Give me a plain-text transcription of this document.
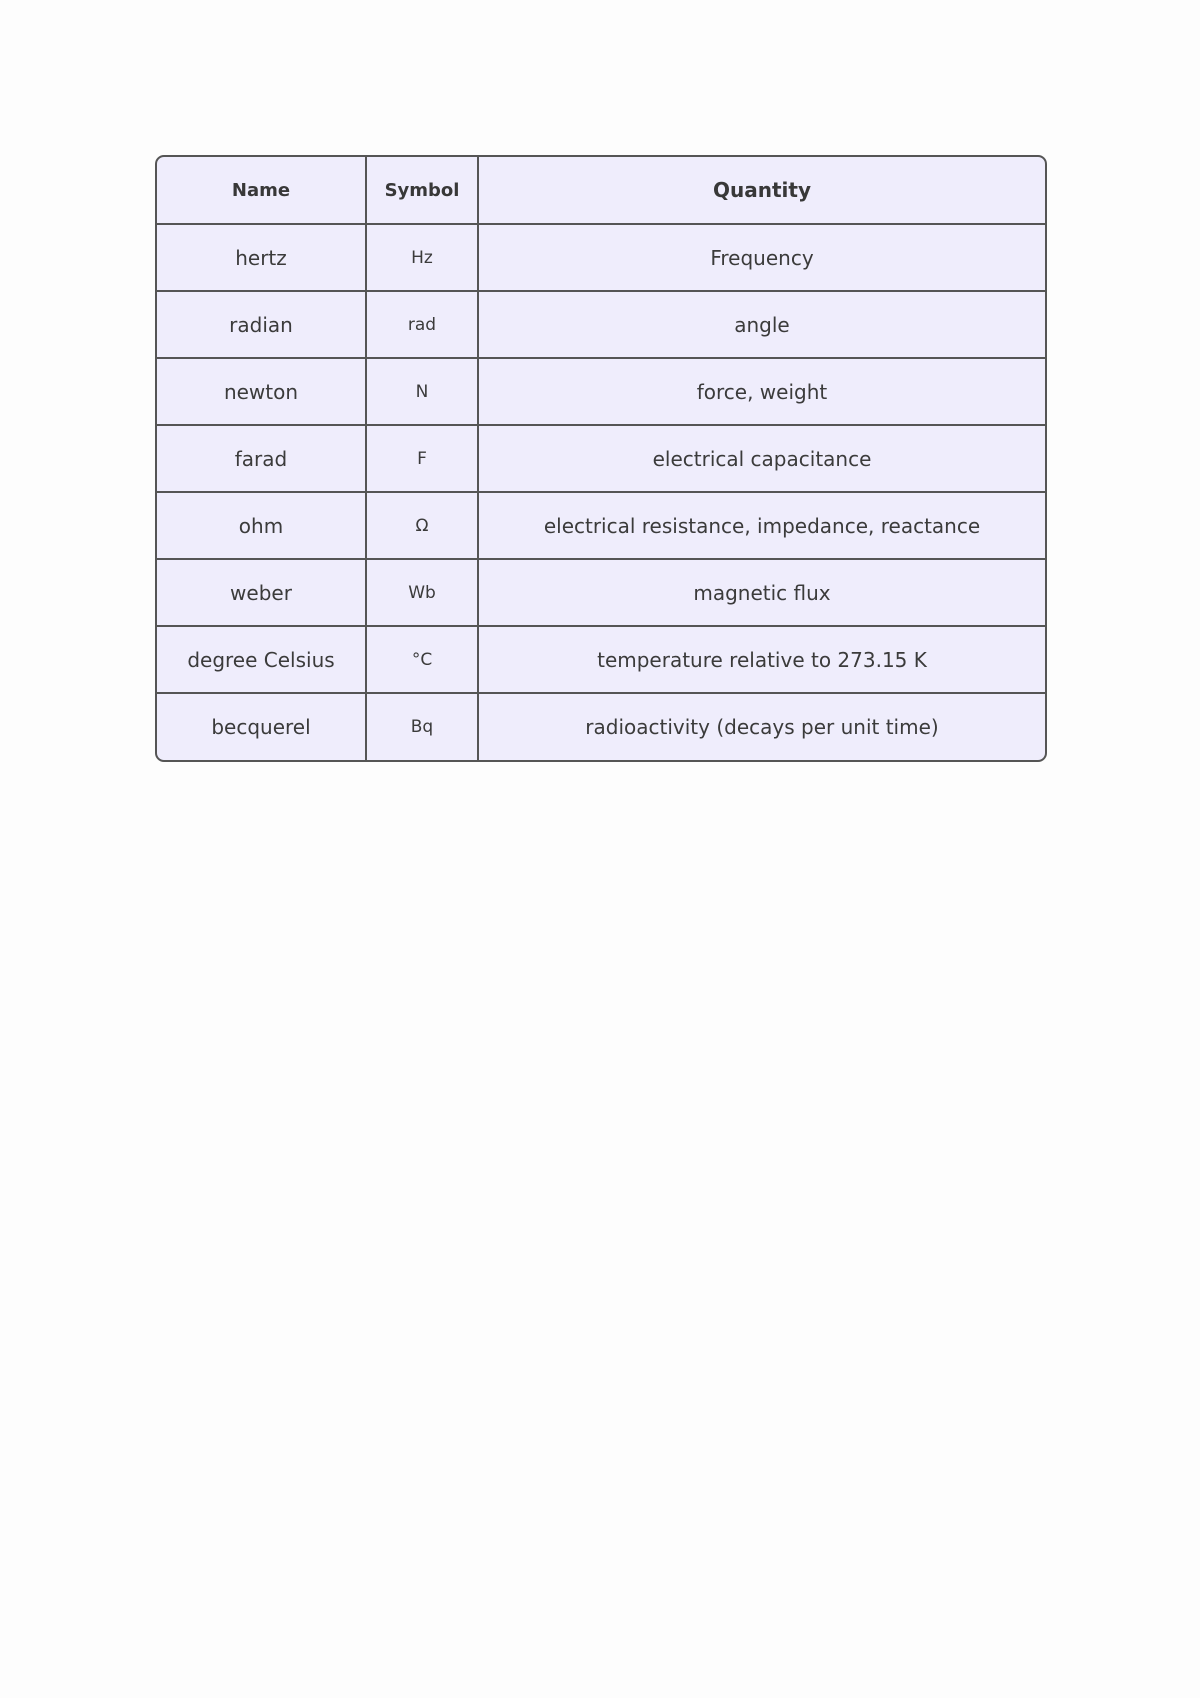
Name	Symbol	Quantity
hertz	Hz	Frequency
radian	rad	angle
newton	N	force, weight
farad	F	electrical capacitance
ohm	Ω	electrical resistance, impedance, reactance
weber	Wb	magnetic flux
degree Celsius	°C	temperature relative to 273.15 K
becquerel	Bq	radioactivity (decays per unit time)
